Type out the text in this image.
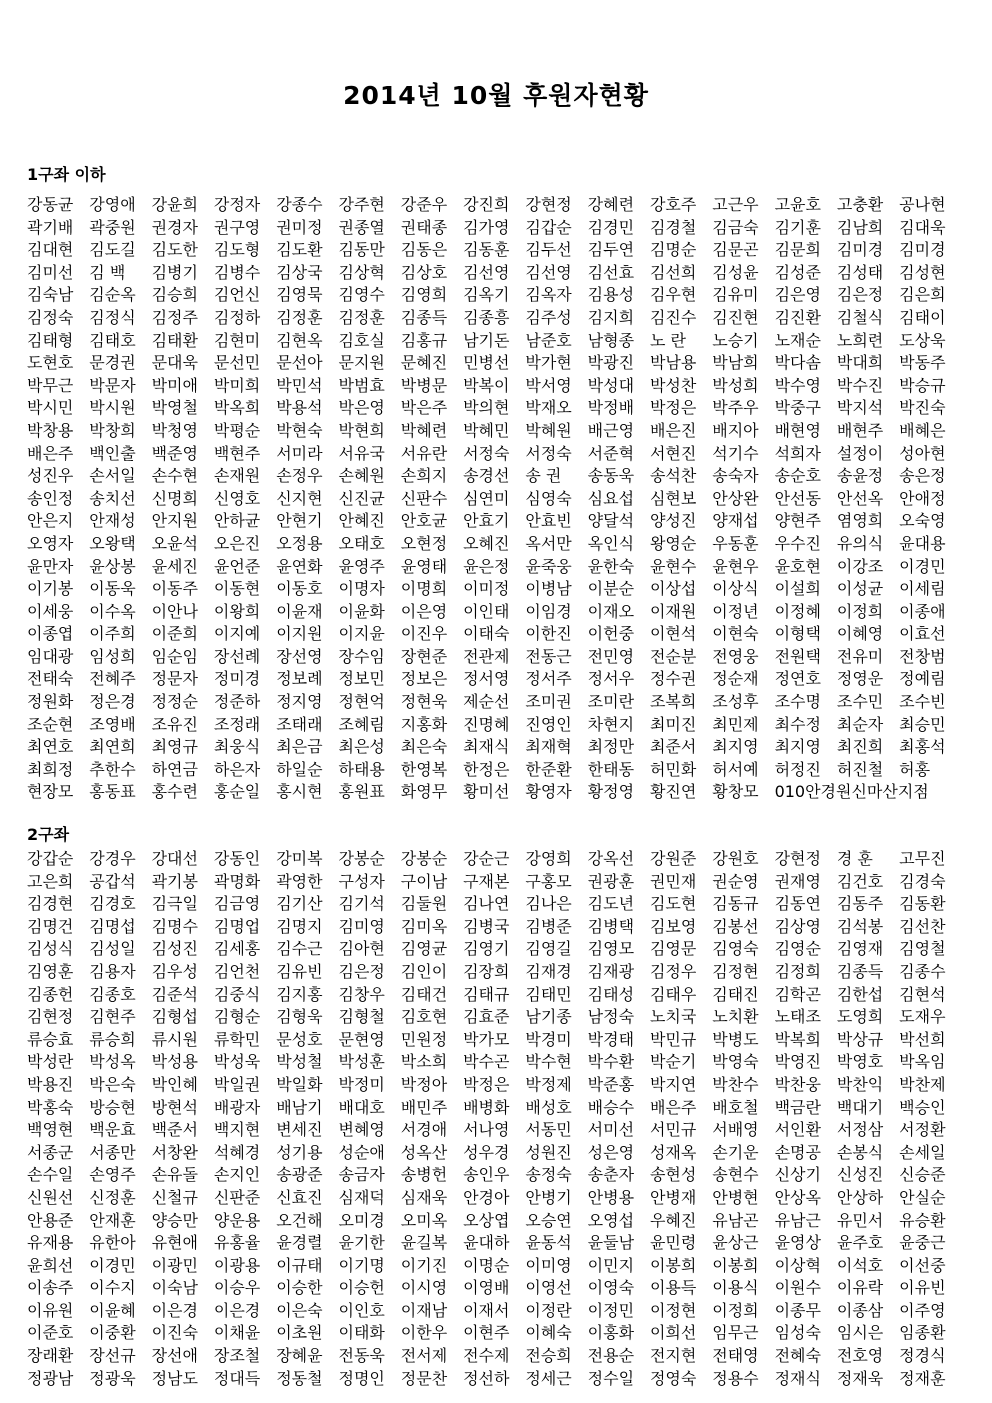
2014년 10월 후원자현황
1구좌 이하
강동균 강영애 강윤희 강정자 강종수 강주현 강준우 강진희 강현정 강혜련 강호주 고근우 고윤호 고충환 공나현
곽기배 곽중원 권경자 권구영 권미정 권종열 권태종 김가영 김갑순 김경민 김경철 김금숙 김기훈 김남희 김대욱
김대현 김도길 김도한 김도형 김도환 김동만 김동은 김동훈 김두선 김두연 김명순 김문곤 김문희 김미경 김미경
김미선 김 백	김병기 김병수 김상국 김상혁 김상호 김선영 김선영 김선효 김선희 김성윤 김성준 김성태 김성현
김숙남 김순옥 김승희 김언신 김영묵 김영수 김영희 김옥기 김옥자 김용성 김우현 김유미 김은영 김은정 김은희
김정숙 김정식 김정주 김정하 김정훈 김정훈 김종득 김종흥 김주성 김지희 김진수 김진현 김진환 김철식 김태이
김태형 김태호 김태환 김현미 김현옥 김호실 김홍규 남기돈 남준호 남형종 노 란	노승기 노재순 노희련 도상욱
도현호 문경권 문대욱 문선민 문선아 문지원 문혜진 민병선 박가현 박광진 박남용 박남희 박다솜 박대희 박동주
박무근 박문자 박미애 박미희 박민석 박범효 박병문 박복이 박서영 박성대 박성찬 박성희 박수영 박수진 박승규
박시민 박시원 박영철 박옥희 박용석 박은영 박은주 박의현 박재오 박정배 박정은 박주우 박중구 박지석 박진숙
박창용 박창희 박청영 박평순 박현숙 박현희 박혜련 박혜민 박혜원 배근영 배은진 배지아 배현영 배현주 배혜은
배은주 백인출 백준영 백현주 서미라 서유국 서유란 서정숙 서정숙 서준혁 서현진 석기수 석희자 설정이 성아현
성진우 손서일 손수현 손재원 손정우 손혜원 손희지 송경선 송 권	송동욱 송석찬 송숙자 송순호 송윤정 송은정
송인정 송치선 신명희 신영호 신지현 신진균 신판수 심연미 심영숙 심요섭 심현보 안상완 안선동 안선옥 안애정
안은지 안재성 안지원 안하균 안현기 안혜진 안호균 안효기 안효빈 양달석 양성진 양재섭 양현주 염영희 오숙영
오영자 오왕택 오윤석 오은진 오정용 오태호 오현정 오혜진 옥서만 옥인식 왕영순 우동훈 우수진 유의식 윤대용
윤만자 윤상봉 윤세진 윤언준 윤연화 윤영주 윤영태 윤은정 윤죽웅 윤한숙 윤현수 윤현우 윤호현 이강조 이경민
이기봉 이동욱 이동주 이동현 이동호 이명자 이명희 이미정 이병남 이분순 이상섭 이상식 이설희 이성균 이세림
이세웅 이수옥 이안나 이왕희 이윤재 이윤화 이은영 이인태 이임경 이재오 이재원 이정년 이정혜 이정희 이종애
이종엽 이주희 이준희 이지예 이지원 이지윤 이진우 이태숙 이한진 이헌중 이현석 이현숙 이형택 이혜영 이효선
임대광 임성희 임순임 장선례 장선영 장수임 장현준 전관제 전동근 전민영 전순분 전영웅 전원택 전유미 전창범
전태숙 전혜주 정문자 정미경 정보례 정보민 정보은 정서영 정서주 정서우 정수권 정순재 정연호 정영운 정예림
정원화 정은경 정정순 정준하 정지영 정현억 정현욱 제순선 조미권 조미란 조복희 조성후 조수명 조수민 조수빈
조순현 조영배 조유진 조정래 조태래 조혜림 지홍화 진명혜 진영인 차현지 최미진 최민제 최수정 최순자 최승민
최연호 최연희 최영규 최웅식 최은금 최은성 최은숙 최재식 최재혁 최정만 최준서 최지영 최지영 최진희 최홍석
최희정 추한수 하연금 하은자 하일순 하태용 한영복 한정은 한준환 한태동 허민화 허서예 허정진 허진철 허홍
현장모 홍동표 홍수련 홍순일 홍시현 홍원표 화영무 황미선 황영자 황정영 황진연 황창모 010안경원신마산지점
2구좌
강갑순 강경우 강대선 강동인 강미복 강봉순 강봉순 강순근 강영희 강옥선 강원준 강원호 강현정 경 훈	고무진
고은희 공갑석 곽기봉 곽명화 곽영한 구성자 구이남 구재본 구홍모 권광훈 권민재 권순영 권재영 김건호 김경숙
김경현 김경호 김극일 김금영 김기산 김기석 김둘원 김나연 김나은 김도년 김도현 김동규 김동연 김동주 김동환
김명건 김명섭 김명수 김명업 김명지 김미영 김미옥 김병국 김병준 김병택 김보영 김봉선 김상영 김석봉 김선찬
김성식 김성일 김성진 김세홍 김수근 김아현 김영균 김영기 김영길 김영모 김영문 김영숙 김영순 김영재 김영철
김영훈 김용자 김우성 김언천 김유빈 김은정 김인이 김장희 김재경 김재광 김정우 김정현 김정희 김종득 김종수
김종헌 김종호 김준석 김중식 김지홍 김창우 김태건 김태규 김태민 김태성 김태우 김태진 김학곤 김한섭 김현석
김현정 김현주 김형섭 김형순 김형욱 김형철 김호현 김효준 남기종 남정숙 노치국 노치환 노태조 도영희 도재우
류승효 류승희 류시원 류학민 문성호 문현영 민원정 박가모 박경미 박경태 박민규 박병도 박복희 박상규 박선희
박성란 박성옥 박성용 박성욱 박성철 박성훈 박소희 박수곤 박수현 박수환 박순기 박영숙 박영진 박영호 박옥임
박용진 박은숙 박인혜 박일권 박일화 박정미 박정아 박정은 박정제 박준홍 박지연 박찬수 박찬웅 박찬익 박찬제
박홍숙 방승현 방현석 배광자 배남기 배대호 배민주 배병화 배성호 배승수 배은주 배호철 백금란 백대기 백승인
백영현 백운효 백준서 백지현 변세진 변혜영 서경애 서나영 서동민 서미선 서민규 서배영 서인환 서정삼 서정환
서종군 서종만 서창완 석혜경 성기용 성순애 성옥산 성우경 성원진 성은영 성재옥 손기운 손명공 손봉식 손세일
손수일 손영주 손유돌 손지인 송광준 송금자 송병헌 송인우 송정숙 송춘자 송현성 송현수 신상기 신성진 신승준
신원선 신정훈 신철규 신판준 신효진 심재덕 심재욱 안경아 안병기 안병용 안병재 안병현 안상옥 안상하 안실순
안용준 안재훈 양승만 양운용 오건해 오미경 오미옥 오상엽 오승연 오영섭 우혜진 유남곤 유남근 유민서 유승환
유재용 유한아 유현애 유홍율 윤경렬 윤기한 윤길복 윤대하 윤동석 윤둘남 윤민령 윤상근 윤영상 윤주호 윤중근
윤희선 이경민 이광민 이광용 이규태 이기명 이기진 이명순 이미영 이민지 이봉희 이봉희 이상혁 이석호 이선중
이송주 이수지 이숙남 이승우 이승한 이승헌 이시영 이영배 이영선 이영숙 이용득 이용식 이원수 이유락 이유빈
이유원 이윤혜 이은경 이은경 이은숙 이인호 이재남 이재서 이정란 이정민 이정현 이정희 이종무 이종삼 이주영
이준호 이중환 이진숙 이채윤 이초원 이태화 이한우 이현주 이혜숙 이홍화 이희선 임무근 임성숙 임시은 임종환
장래환 장선규 장선애 장조철 장혜윤 전동욱 전서제 전수제 전승희 전용순 전지현 전태영 전혜숙 전호영 정경식
정광남 정광욱 정남도 정대득 정동철 정명인 정문찬 정선하 정세근 정수일 정영숙 정용수 정재식 정재욱 정재훈
